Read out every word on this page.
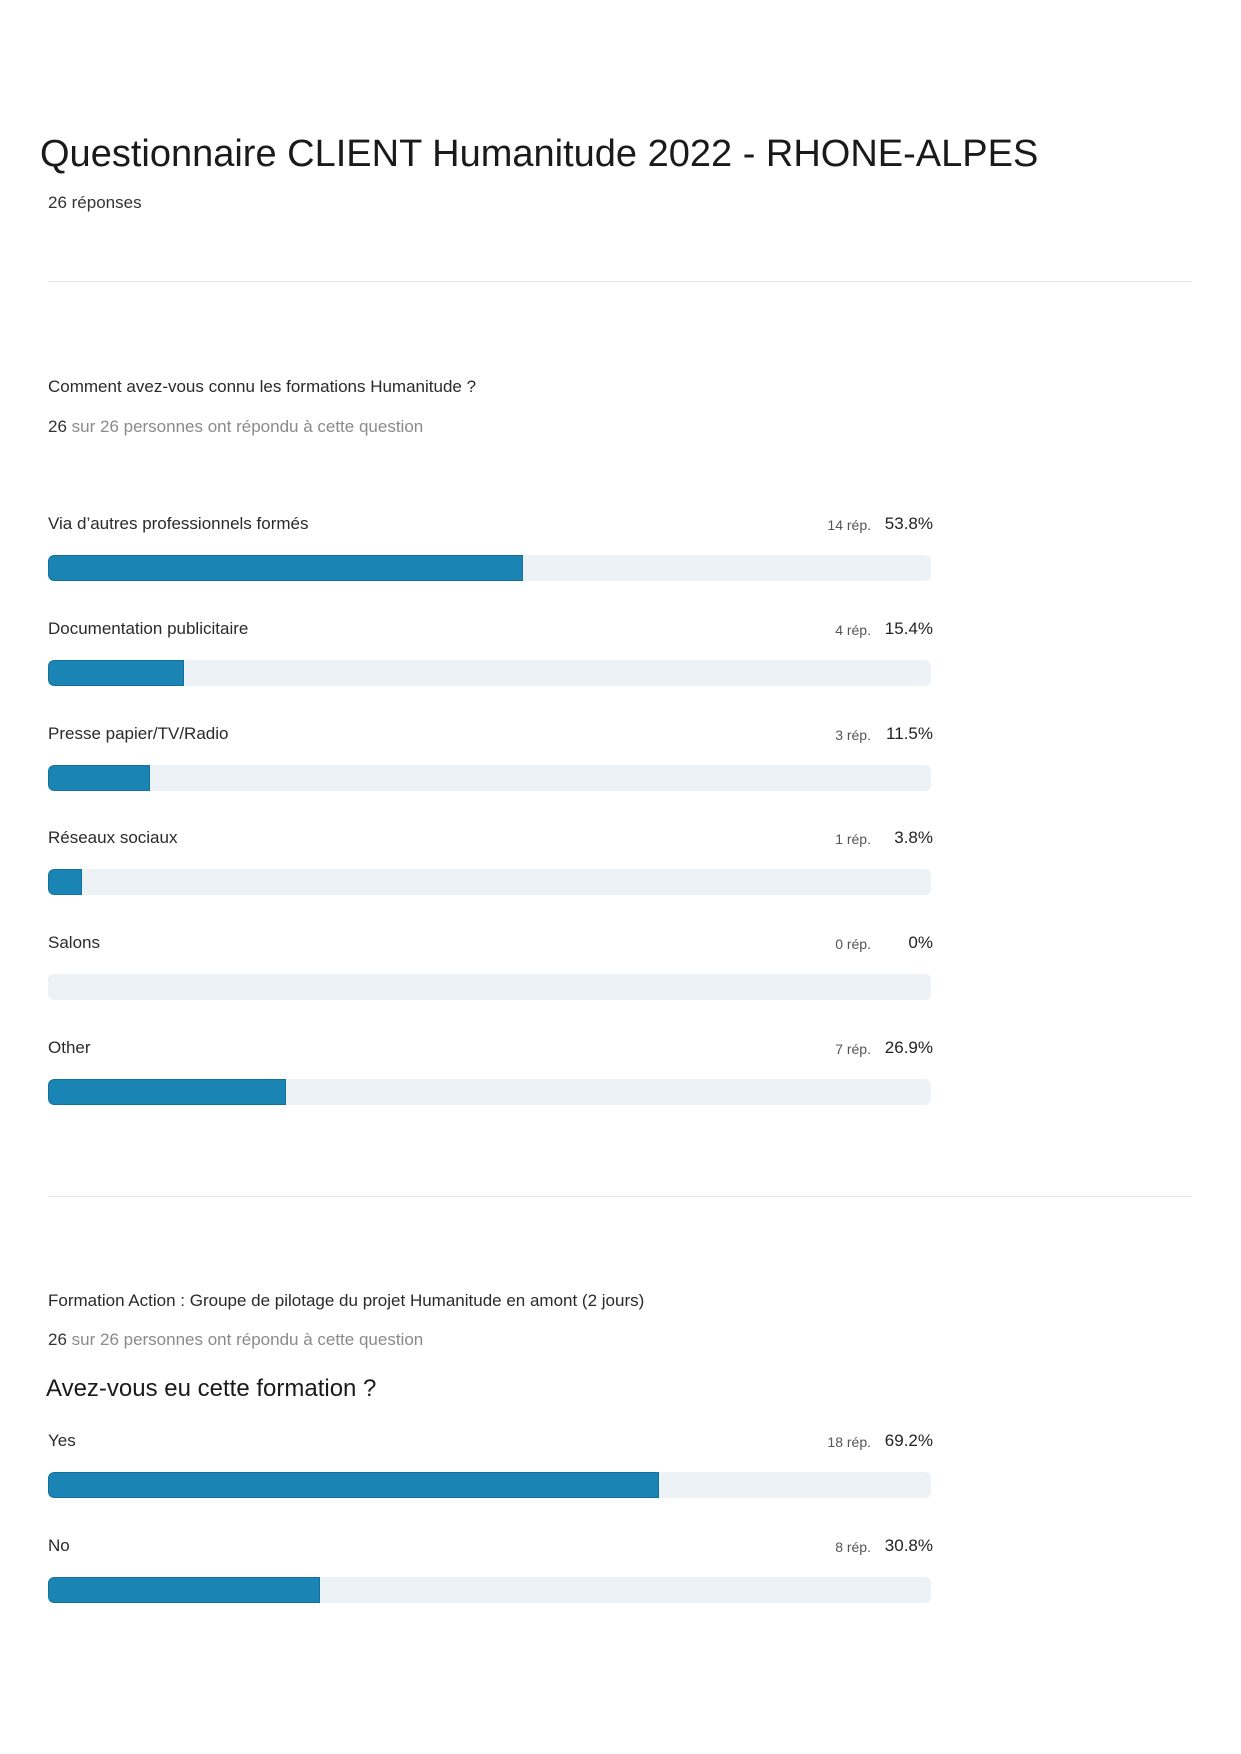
Questionnaire CLIENT Humanitude 2022 - RHONE-ALPES
26 réponses

Comment avez-vous connu les formations Humanitude ?

26 sur 26 personnes ont répondu à cette question
Via d’autres professionnels formés	14 rép. 53.8%
Documentation publicitaire	4 rép. 15.4%
Presse papier/TV/Radio	3 rép. 11.5%
Réseaux sociaux	1 rép.	3.8%
Salons	0 rép.	0%
Other	7 rép. 26.9%

Formation Action : Groupe de pilotage du projet Humanitude en amont (2 jours)

26 sur 26 personnes ont répondu à cette question

Avez-vous eu cette formation ?

Yes	18 rép. 69.2%
No	8 rép. 30.8%
